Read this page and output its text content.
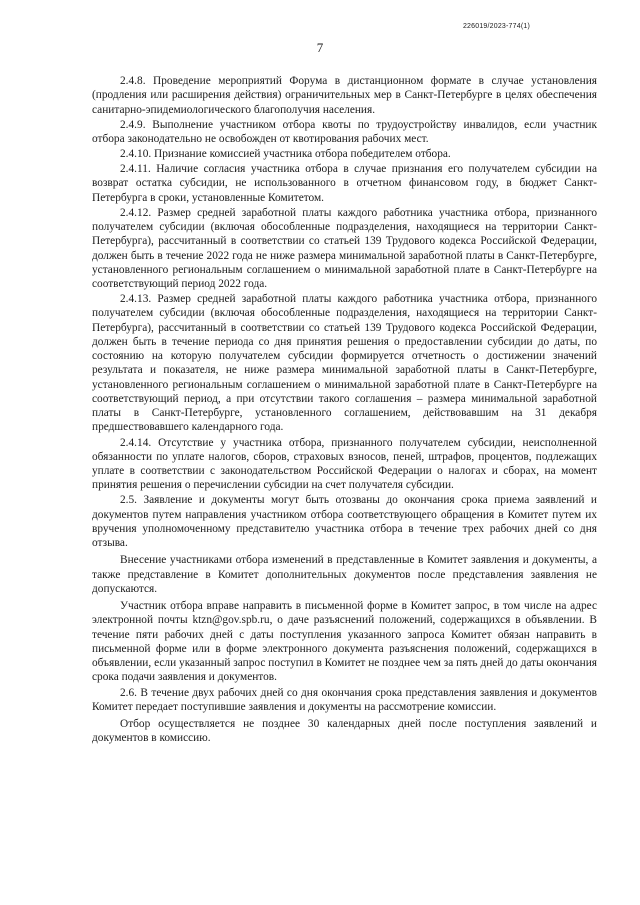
226019/2023-774(1)
7

2.4.8. Проведение мероприятий Форума в дистанционном формате в случае установления (продления или расширения действия) ограничительных мер в Санкт-Петербурге в целях обеспечения санитарно-эпидемиологического благополучия населения.

2.4.9. Выполнение участником отбора квоты по трудоустройству инвалидов, если участник отбора законодательно не освобожден от квотирования рабочих мест.

2.4.10. Признание комиссией участника отбора победителем отбора.

2.4.11. Наличие согласия участника отбора в случае признания его получателем субсидии на возврат остатка субсидии, не использованного в отчетном финансовом году, в бюджет Санкт-Петербурга в сроки, установленные Комитетом.

2.4.12. Размер средней заработной платы каждого работника участника отбора, признанного получателем субсидии (включая обособленные подразделения, находящиеся на территории Санкт-Петербурга), рассчитанный в соответствии со статьей 139 Трудового кодекса Российской Федерации, должен быть в течение 2022 года не ниже размера минимальной заработной платы в Санкт-Петербурге, установленного региональным соглашением о минимальной заработной плате в Санкт-Петербурге на соответствующий период 2022 года.

2.4.13. Размер средней заработной платы каждого работника участника отбора, признанного получателем субсидии (включая обособленные подразделения, находящиеся на территории Санкт-Петербурга), рассчитанный в соответствии со статьей 139 Трудового кодекса Российской Федерации, должен быть в течение периода со дня принятия решения о предоставлении субсидии до даты, по состоянию на которую получателем субсидии формируется отчетность о достижении значений результата и показателя, не ниже размера минимальной заработной платы в Санкт-Петербурге, установленного региональным соглашением о минимальной заработной плате в Санкт-Петербурге на соответствующий период, а при отсутствии такого соглашения – размера минимальной заработной платы в Санкт-Петербурге, установленного соглашением, действовавшим на 31 декабря предшествовавшего календарного года.

2.4.14. Отсутствие у участника отбора, признанного получателем субсидии, неисполненной обязанности по уплате налогов, сборов, страховых взносов, пеней, штрафов, процентов, подлежащих уплате в соответствии с законодательством Российской Федерации о налогах и сборах, на момент принятия решения о перечислении субсидии на счет получателя субсидии.

2.5. Заявление и документы могут быть отозваны до окончания срока приема заявлений и документов путем направления участником отбора соответствующего обращения в Комитет путем их вручения уполномоченному представителю участника отбора в течение трех рабочих дней со дня отзыва.

Внесение участниками отбора изменений в представленные в Комитет заявления и документы, а также представление в Комитет дополнительных документов после представления заявления не допускаются.

Участник отбора вправе направить в письменной форме в Комитет запрос, в том числе на адрес электронной почты ktzn@gov.spb.ru, о даче разъяснений положений, содержащихся в объявлении. В течение пяти рабочих дней с даты поступления указанного запроса Комитет обязан направить в письменной форме или в форме электронного документа разъяснения положений, содержащихся в объявлении, если указанный запрос поступил в Комитет не позднее чем за пять дней до даты окончания срока подачи заявления и документов.

2.6. В течение двух рабочих дней со дня окончания срока представления заявления и документов Комитет передает поступившие заявления и документы на рассмотрение комиссии.

Отбор осуществляется не позднее 30 календарных дней после поступления заявлений и документов в комиссию.
